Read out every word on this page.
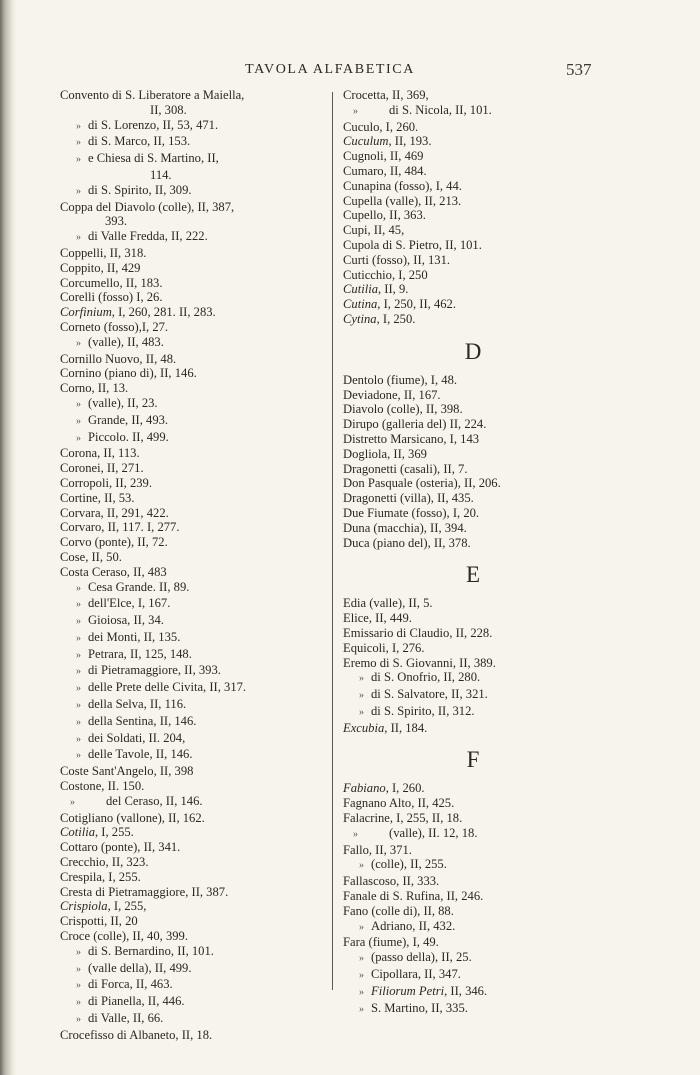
TAVOLA ALFABETICA	537
Convento di S. Liberatore a Maiella,
II, 308.
» di S. Lorenzo, II, 53, 471.
» di S. Marco, II, 153.
» e Chiesa di S. Martino, II,
114.
» di S. Spirito, II, 309.
Coppa del Diavolo (colle), II, 387,
393.
» di Valle Fredda, II, 222.
Coppelli, II, 318.
Coppito, II, 429
Corcumello, II, 183.
Corelli (fosso) I, 26.
Corfinium, I, 260, 281. II, 283.
Corneto (fosso),I, 27.
» (valle), II, 483.
Cornillo Nuovo, II, 48.
Cornino (piano di), II, 146.
Corno, II, 13.
» (valle), II, 23.
» Grande, II, 493.
» Piccolo. II, 499.
Corona, II, 113.
Coronei, II, 271.
Corropoli, II, 239.
Cortine, II, 53.
Corvara, II, 291, 422.
Corvaro, II, 117. I, 277.
Corvo (ponte), II, 72.
Cose, II, 50.
Costa Ceraso, II, 483
» Cesa Grande. II, 89.
» dell'Elce, I, 167.
» Gioiosa, II, 34.
» dei Monti, II, 135.
» Petrara, II, 125, 148.
» di Pietramaggiore, II, 393.
» delle Prete delle Civita, II, 317.
» della Selva, II, 116.
» della Sentina, II, 146.
» dei Soldati, II. 204,
» delle Tavole, II, 146.
Coste Sant'Angelo, II, 398
Costone, II. 150.
» del Ceraso, II, 146.
Cotigliano (vallone), II, 162.
Cotilia, I, 255.
Cottaro (ponte), II, 341.
Crecchio, II, 323.
Crespila, I, 255.
Cresta di Pietramaggiore, II, 387.
Crispiola, I, 255,
Crispotti, II, 20
Croce (colle), II, 40, 399.
» di S. Bernardino, II, 101.
» (valle della), II, 499.
» di Forca, II, 463.
» di Pianella, II, 446.
» di Valle, II, 66.
Crocefisso di Albaneto, II, 18.
Crocetta, II, 369,
» di S. Nicola, II, 101.
Cuculo, I, 260.
Cuculum, II, 193.
Cugnoli, II, 469
Cumaro, II, 484.
Cunapina (fosso), I, 44.
Cupella (valle), II, 213.
Cupello, II, 363.
Cupi, II, 45,
Cupola di S. Pietro, II, 101.
Curti (fosso), II, 131.
Cuticchio, I, 250
Cutilia, II, 9.
Cutina, I, 250, II, 462.
Cytina, I, 250.
D
Dentolo (fiume), I, 48.
Deviadone, II, 167.
Diavolo (colle), II, 398.
Dirupo (galleria del) II, 224.
Distretto Marsicano, I, 143
Dogliola, II, 369
Dragonetti (casali), II, 7.
Don Pasquale (osteria), II, 206.
Dragonetti (villa), II, 435.
Due Fiumate (fosso), I, 20.
Duna (macchia), II, 394.
Duca (piano del), II, 378.
E
Edia (valle), II, 5.
Elice, II, 449.
Emissario di Claudio, II, 228.
Equicoli, I, 276.
Eremo di S. Giovanni, II, 389.
» di S. Onofrio, II, 280.
» di S. Salvatore, II, 321.
» di S. Spirito, II, 312.
Excubia, II, 184.
F
Fabiano, I, 260.
Fagnano Alto, II, 425.
Falacrine, I, 255, II, 18.
» (valle), II. 12, 18.
Fallo, II, 371.
» (colle), II, 255.
Fallascoso, II, 333.
Fanale di S. Rufina, II, 246.
Fano (colle di), II, 88.
» Adriano, II, 432.
Fara (fiume), I, 49.
» (passo della), II, 25.
» Cipollara, II, 347.
» Filiorum Petri, II, 346.
» S. Martino, II, 335.
